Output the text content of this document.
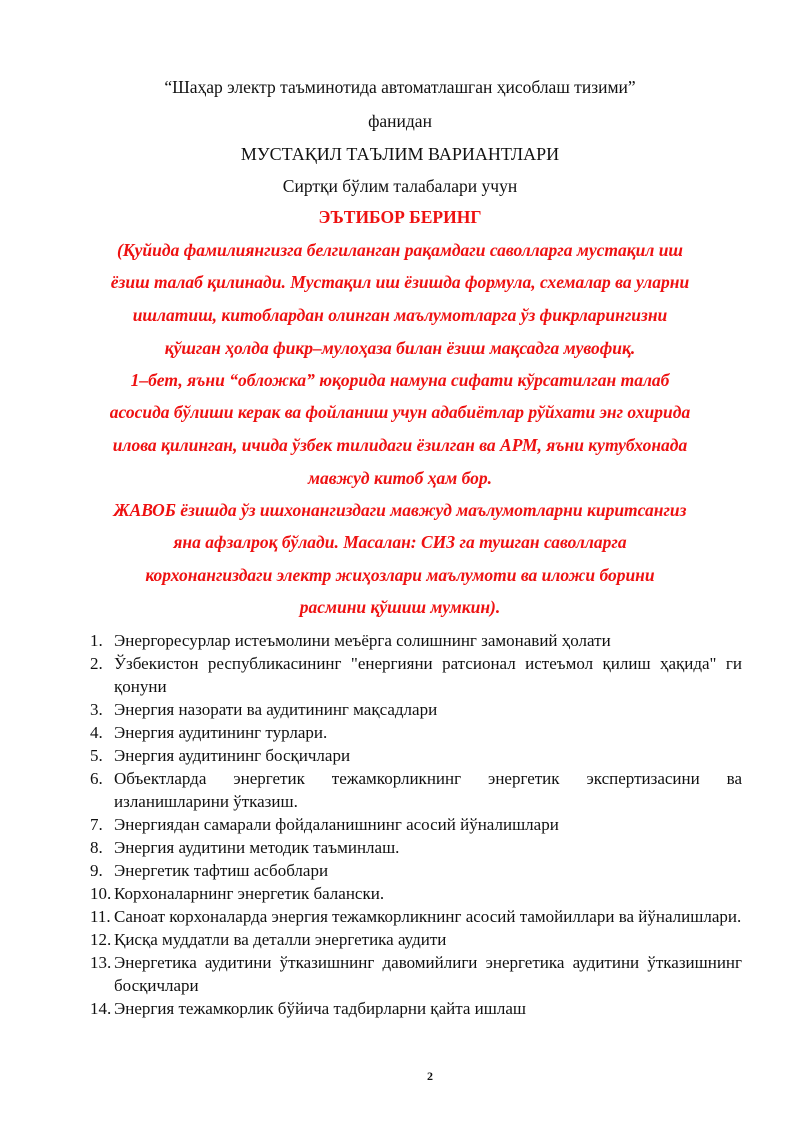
“Шаҳар электр таъминотида автоматлашган ҳисоблаш тизими”
фанидан
МУСТАҚИЛ ТАЪЛИМ ВАРИАНТЛАРИ
Сиртқи бўлим талабалари учун
ЭЪТИБОР БЕРИНГ
(Қуйида фамилиянгизга белгиланган рақамдаги саволларга мустақил иш
ёзиш талаб қилинади. Мустақил иш ёзишда формула, схемалар ва уларни
ишлатиш, китоблардан олинган маълумотларга ўз фикрларингизни
қўшган ҳолда фикр–мулоҳаза билан ёзиш мақсадга мувофиқ.
1–бет, яъни “обложка” юқорида намуна сифати кўрсатилган талаб
асосида бўлиши керак ва фойланиш учун адабиётлар рўйхати энг охирида
илова қилинган, ичида ўзбек тилидаги ёзилган ва АРМ, яъни кутубхонада
мавжуд китоб ҳам бор.
ЖАВОБ ёзишда ўз ишхонангиздаги мавжуд маълумотларни киритсангиз
яна афзалроқ бўлади. Масалан: СИЗ га тушган саволларга
корхонангиздаги электр жиҳозлари маълумоти ва иложи борини
расмини қўшиш мумкин).
1. Энергоресурлар истеъмолини меъёрга солишнинг замонавий ҳолати
2. Ўзбекистон республикасининг "енергияни ратсионал истеъмол қилиш ҳақида" ги қонуни
3. Энергия назорати ва аудитининг мақсадлари
4. Энергия аудитининг турлари.
5. Энергия аудитининг босқичлари
6. Объектларда энергетик тежамкорликнинг энергетик экспертизасини ва изланишларини ўтказиш.
7. Энергиядан самарали фойдаланишнинг асосий йўналишлари
8. Энергия аудитини методик таъминлаш.
9. Энергетик тафтиш асбоблари
10. Корхоналарнинг энергетик балански.
11. Саноат корхоналарда энергия тежамкорликнинг асосий тамойиллари ва йўналишлари.
12. Қисқа муддатли ва деталли энергетика аудити
13. Энергетика аудитини ўтказишнинг давомийлиги энергетика аудитини ўтказишнинг босқичлари
14. Энергия тежамкорлик бўйича тадбирларни қайта ишлаш
2
